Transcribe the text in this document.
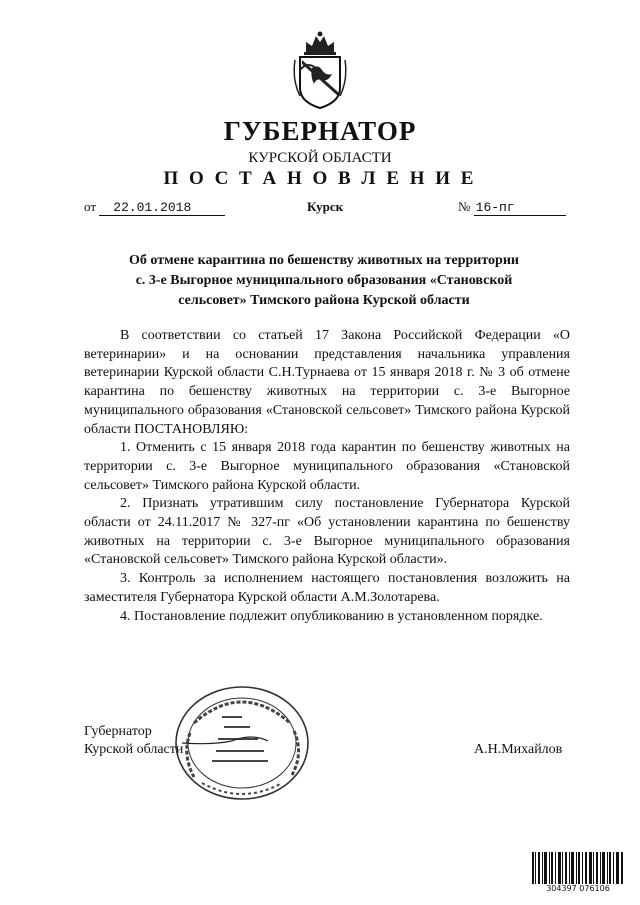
ГУБЕРНАТОР
КУРСКОЙ ОБЛАСТИ
П О С Т А Н О В Л Е Н И Е
от 22.01.2018	Курск	№ 16-пг
Об отмене карантина по бешенству животных на территории
с. 3-е Выгорное муниципального образования «Становской
сельсовет» Тимского района Курской области

В соответствии со статьей 17 Закона Российской Федерации «О ветеринарии» и на основании представления начальника управления ветеринарии Курской области С.Н.Турнаева от 15 января 2018 г. № 3 об отмене карантина по бешенству животных на территории с. 3-е Выгорное муниципального образования «Становской сельсовет» Тимского района Курской области ПОСТАНОВЛЯЮ:

1. Отменить с 15 января 2018 года карантин по бешенству животных на территории с. 3-е Выгорное муниципального образования «Становской сельсовет» Тимского района Курской области.

2. Признать утратившим силу постановление Губернатора Курской области от 24.11.2017 № 327-пг «Об установлении карантина по бешенству животных на территории с. 3-е Выгорное муниципального образования «Становской сельсовет» Тимского района Курской области».

3. Контроль за исполнением настоящего постановления возложить на заместителя Губернатора Курской области А.М.Золотарева.

4. Постановление подлежит опубликованию в установленном порядке.

Губернатор
Курской области	А.Н.Михайлов
304397 076106
